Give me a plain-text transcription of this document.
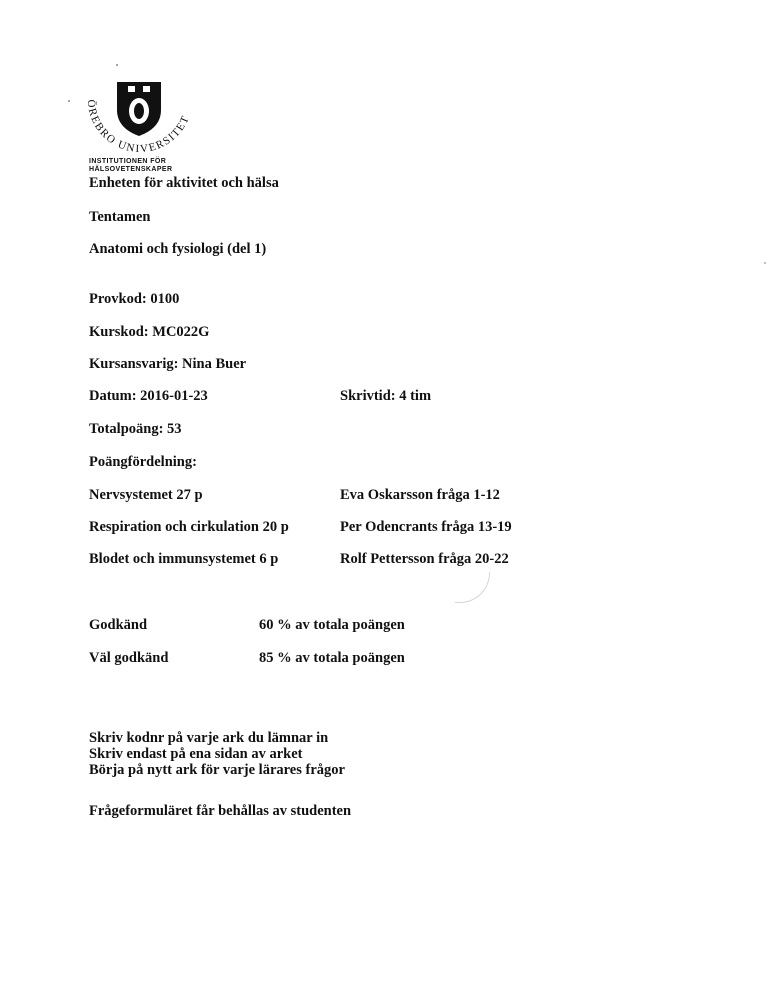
ÖREBRO UNIVERSITET
INSTITUTIONEN FÖR
HÄLSOVETENSKAPER
Enheten för aktivitet och hälsa
Tentamen
Anatomi och fysiologi (del 1)
Provkod: 0100
Kurskod: MC022G
Kursansvarig: Nina Buer
Datum: 2016-01-23	Skrivtid: 4 tim
Totalpoäng: 53
Poängfördelning:
Nervsystemet 27 p	Eva Oskarsson fråga 1-12
Respiration och cirkulation 20 p	Per Odencrants fråga 13-19
Blodet och immunsystemet 6 p	Rolf Pettersson fråga 20-22
Godkänd	60 % av totala poängen
Väl godkänd	85 % av totala poängen
Skriv kodnr på varje ark du lämnar in
Skriv endast på ena sidan av arket
Börja på nytt ark för varje lärares frågor
Frågeformuläret får behållas av studenten
